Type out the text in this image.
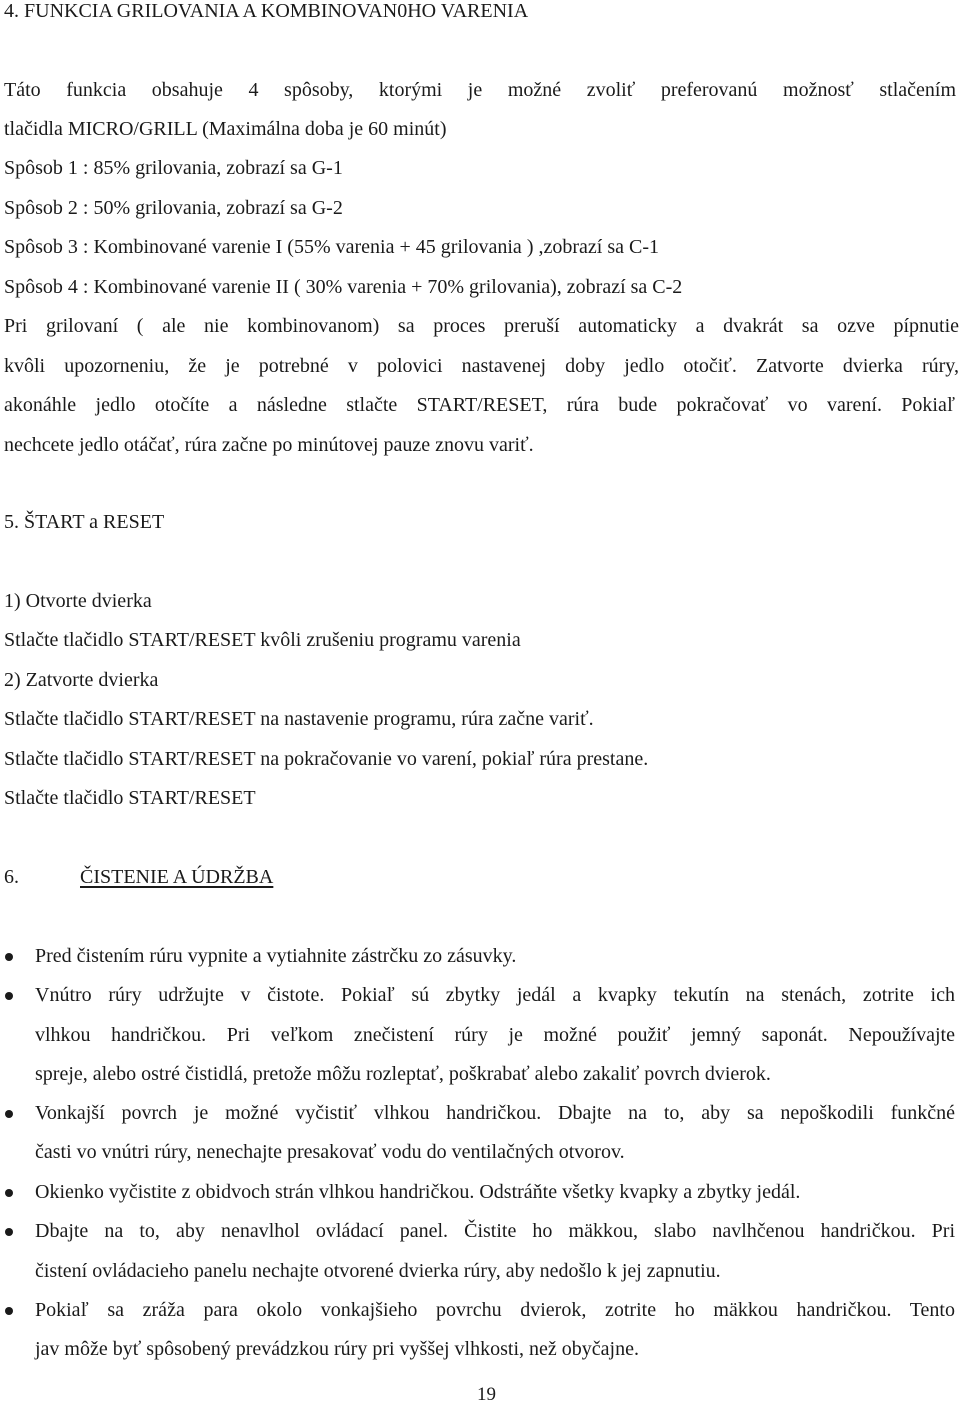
4. FUNKCIA GRILOVANIA A KOMBINOVAN0HO VARENIA
Táto funkcia obsahuje 4 spôsoby, ktorými je možné zvoliť preferovanú možnosť stlačením
tlačidla MICRO/GRILL (Maximálna doba je 60 minút)
Spôsob 1 : 85% grilovania, zobrazí sa G-1
Spôsob 2 : 50% grilovania, zobrazí sa G-2
Spôsob 3 : Kombinované varenie I (55% varenia + 45 grilovania ) ,zobrazí sa C-1
Spôsob 4 : Kombinované varenie II ( 30% varenia + 70% grilovania), zobrazí sa C-2
Pri grilovaní ( ale nie kombinovanom) sa proces preruší automaticky a dvakrát sa ozve pípnutie
kvôli upozorneniu, že je potrebné v polovici nastavenej doby jedlo otočiť. Zatvorte dvierka rúry,
akonáhle jedlo otočíte a následne stlačte START/RESET, rúra bude pokračovať vo varení. Pokiaľ
nechcete jedlo otáčať, rúra začne po minútovej pauze znovu variť.
5. ŠTART a RESET
1) Otvorte dvierka
Stlačte tlačidlo START/RESET kvôli zrušeniu programu varenia
2) Zatvorte dvierka
Stlačte tlačidlo START/RESET na nastavenie programu, rúra začne variť.
Stlačte tlačidlo START/RESET na pokračovanie vo varení, pokiaľ rúra prestane.
Stlačte tlačidlo START/RESET
6.	ČISTENIE A ÚDRŽBA
Pred čistením rúru vypnite a vytiahnite zástrčku zo zásuvky.
Vnútro rúry udržujte v čistote. Pokiaľ sú zbytky jedál a kvapky tekutín na stenách, zotrite ich
vlhkou handričkou. Pri veľkom znečistení rúry je možné použiť jemný saponát. Nepoužívajte
spreje, alebo ostré čistidlá, pretože môžu rozleptať, poškrabať alebo zakaliť povrch dvierok.
Vonkajší povrch je možné vyčistiť vlhkou handričkou. Dbajte na to, aby sa nepoškodili funkčné
časti vo vnútri rúry, nenechajte presakovať vodu do ventilačných otvorov.
Okienko vyčistite z obidvoch strán vlhkou handričkou. Odstráňte všetky kvapky a zbytky jedál.
Dbajte na to, aby nenavlhol ovládací panel. Čistite ho mäkkou, slabo navlhčenou handričkou. Pri
čistení ovládacieho panelu nechajte otvorené dvierka rúry, aby nedošlo k jej zapnutiu.
Pokiaľ sa zráža para okolo vonkajšieho povrchu dvierok, zotrite ho mäkkou handričkou. Tento
jav môže byť spôsobený prevádzkou rúry pri vyššej vlhkosti, než obyčajne.
19
